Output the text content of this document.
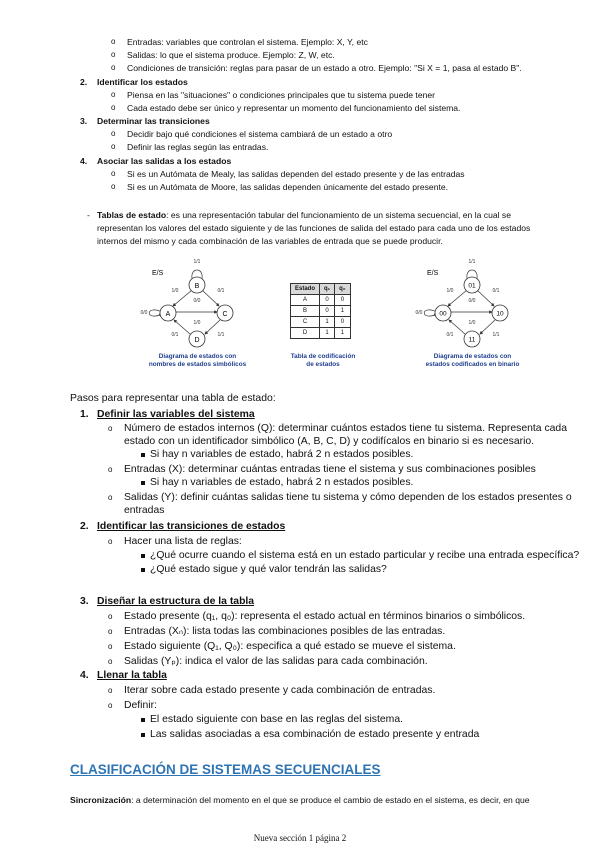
o Entradas: variables que controlan el sistema. Ejemplo: X, Y, etc
o Salidas: lo que el sistema produce. Ejemplo: Z, W, etc.
o Condiciones de transición: reglas para pasar de un estado a otro. Ejemplo: "Si X = 1, pasa al estado B".
2. Identificar los estados
o Piensa en las "situaciones" o condiciones principales que tu sistema puede tener
o Cada estado debe ser único y representar un momento del funcionamiento del sistema.
3. Determinar las transiciones
o Decidir bajo qué condiciones el sistema cambiará de un estado a otro
o Definir las reglas según las entradas.
4. Asociar las salidas a los estados
o Si es un Autómata de Mealy, las salidas dependen del estado presente y de las entradas
o Si es un Autómata de Moore, las salidas dependen únicamente del estado presente.
- Tablas de estado: es una representación tabular del funcionamiento de un sistema secuencial, en la cual se
representan los valores del estado siguiente y de las funciones de salida del estado para cada uno de los estados
internos del mismo y cada combinación de las variables de entrada que se puede producir.
E/S
A
B
C
D
1/1
1/0	0/1
0/0
0/0
1/0
0/1	1/1
Diagrama de estados con
nombres de estados simbólicos
Estado	q₁	q₀
A	0	0
B	0	1
C	1	0
D	1	1
Tabla de codificación
de estados
E/S
00
01
10
11
1/1
1/0	0/1
0/0
0/0
1/0
0/1	1/1
Diagrama de estados con
estados codificados en binario
Pasos para representar una tabla de estado:
1. Definir las variables del sistema
o Número de estados internos (Q): determinar cuántos estados tiene tu sistema. Representa cada
estado con un identificador simbólico (A, B, C, D) y codifícalos en binario si es necesario.
Si hay n variables de estado, habrá 2 n estados posibles.
o Entradas (X): determinar cuántas entradas tiene el sistema y sus combinaciones posibles
Si hay n variables de estado, habrá 2 n estados posibles.
o Salidas (Y): definir cuántas salidas tiene tu sistema y cómo dependen de los estados presentes o
entradas
2. Identificar las transiciones de estados
o Hacer una lista de reglas:
¿Qué ocurre cuando el sistema está en un estado particular y recibe una entrada específica?
¿Qué estado sigue y qué valor tendrán las salidas?
3. Diseñar la estructura de la tabla
o Estado presente (q₁, q₀): representa el estado actual en términos binarios o simbólicos.
o Entradas (Xₙ): lista todas las combinaciones posibles de las entradas.
o Estado siguiente (Q₁, Q₀): especifica a qué estado se mueve el sistema.
o Salidas (Yₚ): indica el valor de las salidas para cada combinación.
4. Llenar la tabla
o Iterar sobre cada estado presente y cada combinación de entradas.
o Definir:
El estado siguiente con base en las reglas del sistema.
Las salidas asociadas a esa combinación de estado presente y entrada
CLASIFICACIÓN DE SISTEMAS SECUENCIALES
Sincronización: a determinación del momento en el que se produce el cambio de estado en el sistema, es decir, en que
Nueva sección 1 página 2
